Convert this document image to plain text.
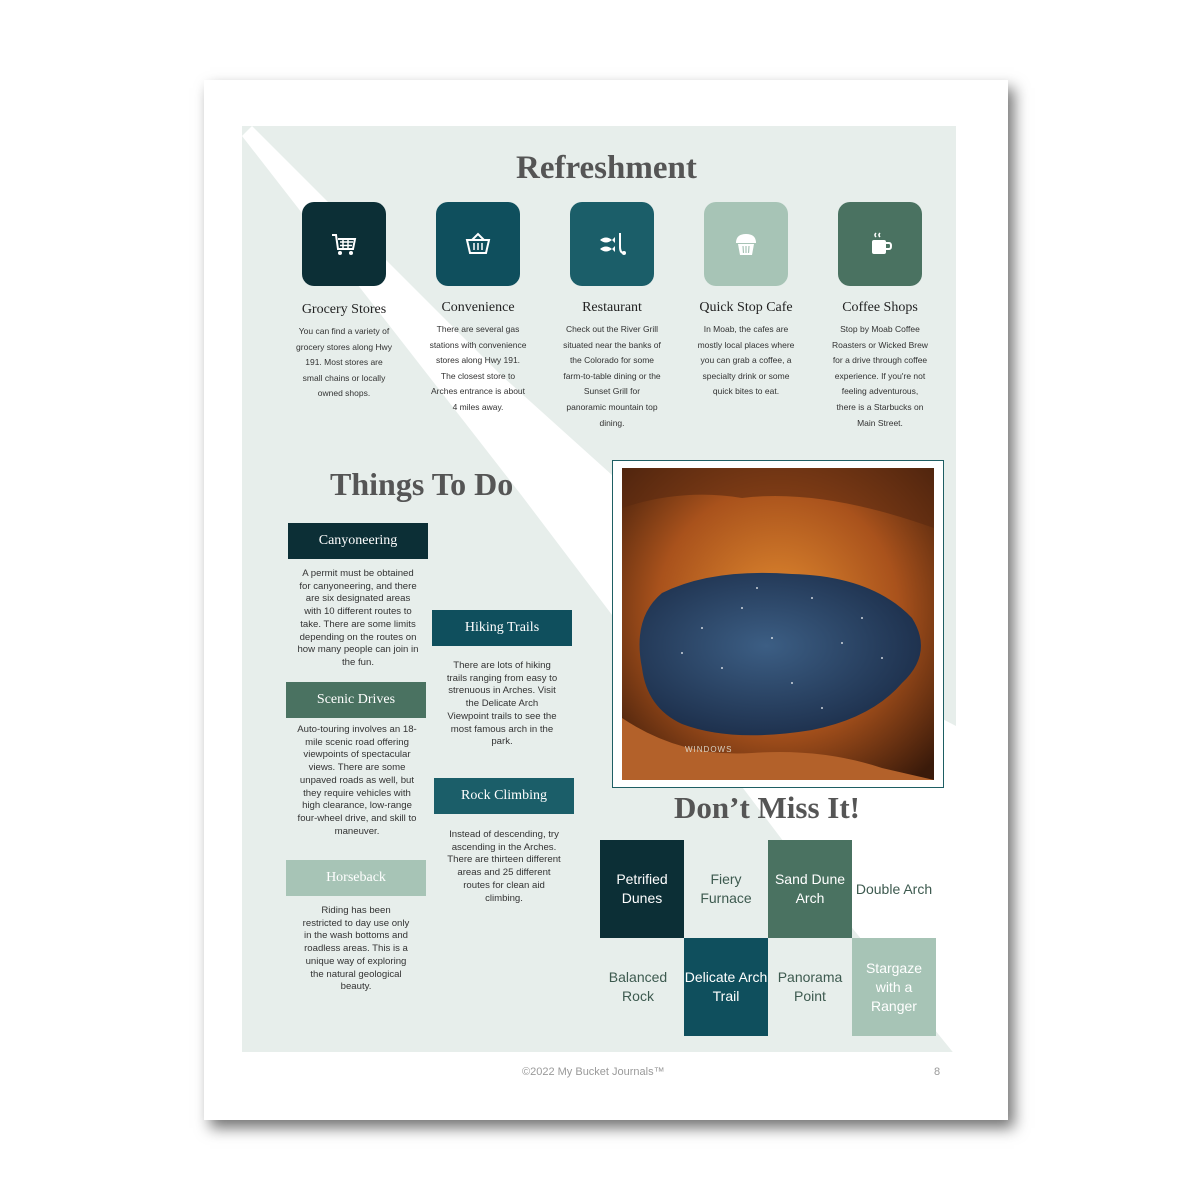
Refreshment

Grocery Stores

You can find a variety of grocery stores along Hwy 191. Most stores are small chains or locally owned shops.

Convenience

There are several gas stations with convenience stores along Hwy 191. The closest store to Arches entrance is about 4 miles away.

Restaurant

Check out the River Grill situated near the banks of the Colorado for some farm-to-table dining or the Sunset Grill for panoramic mountain top dining.

Quick Stop Cafe

In Moab, the cafes are mostly local places where you can grab a coffee, a specialty drink or some quick bites to eat.

Coffee Shops

Stop by Moab Coffee Roasters or Wicked Brew for a drive through coffee experience. If you're not feeling adventurous, there is a Starbucks on Main Street.

Things To Do
Canyoneering

A permit must be obtained for canyoneering, and there are six designated areas with 10 different routes to take. There are some limits depending on the routes on how many people can join in the fun.

Hiking Trails

There are lots of hiking trails ranging from easy to strenuous in Arches. Visit the Delicate Arch Viewpoint trails to see the most famous arch in the park.

Scenic Drives

Auto-touring involves an 18-mile scenic road offering viewpoints of spectacular views. There are some unpaved roads as well, but they require vehicles with high clearance, low-range four-wheel drive, and skill to maneuver.

Rock Climbing

Instead of descending, try ascending in the Arches. There are thirteen different areas and 25 different routes for clean aid climbing.

Horseback

Riding has been restricted to day use only in the wash bottoms and roadless areas. This is a unique way of exploring the natural geological beauty.

WINDOWS

Don’t Miss It!
Petrified Dunes
Fiery Furnace
Sand Dune Arch
Double Arch
Balanced Rock
Delicate Arch Trail
Panorama Point
Stargaze with a Ranger

©2022 My Bucket Journals™	8
